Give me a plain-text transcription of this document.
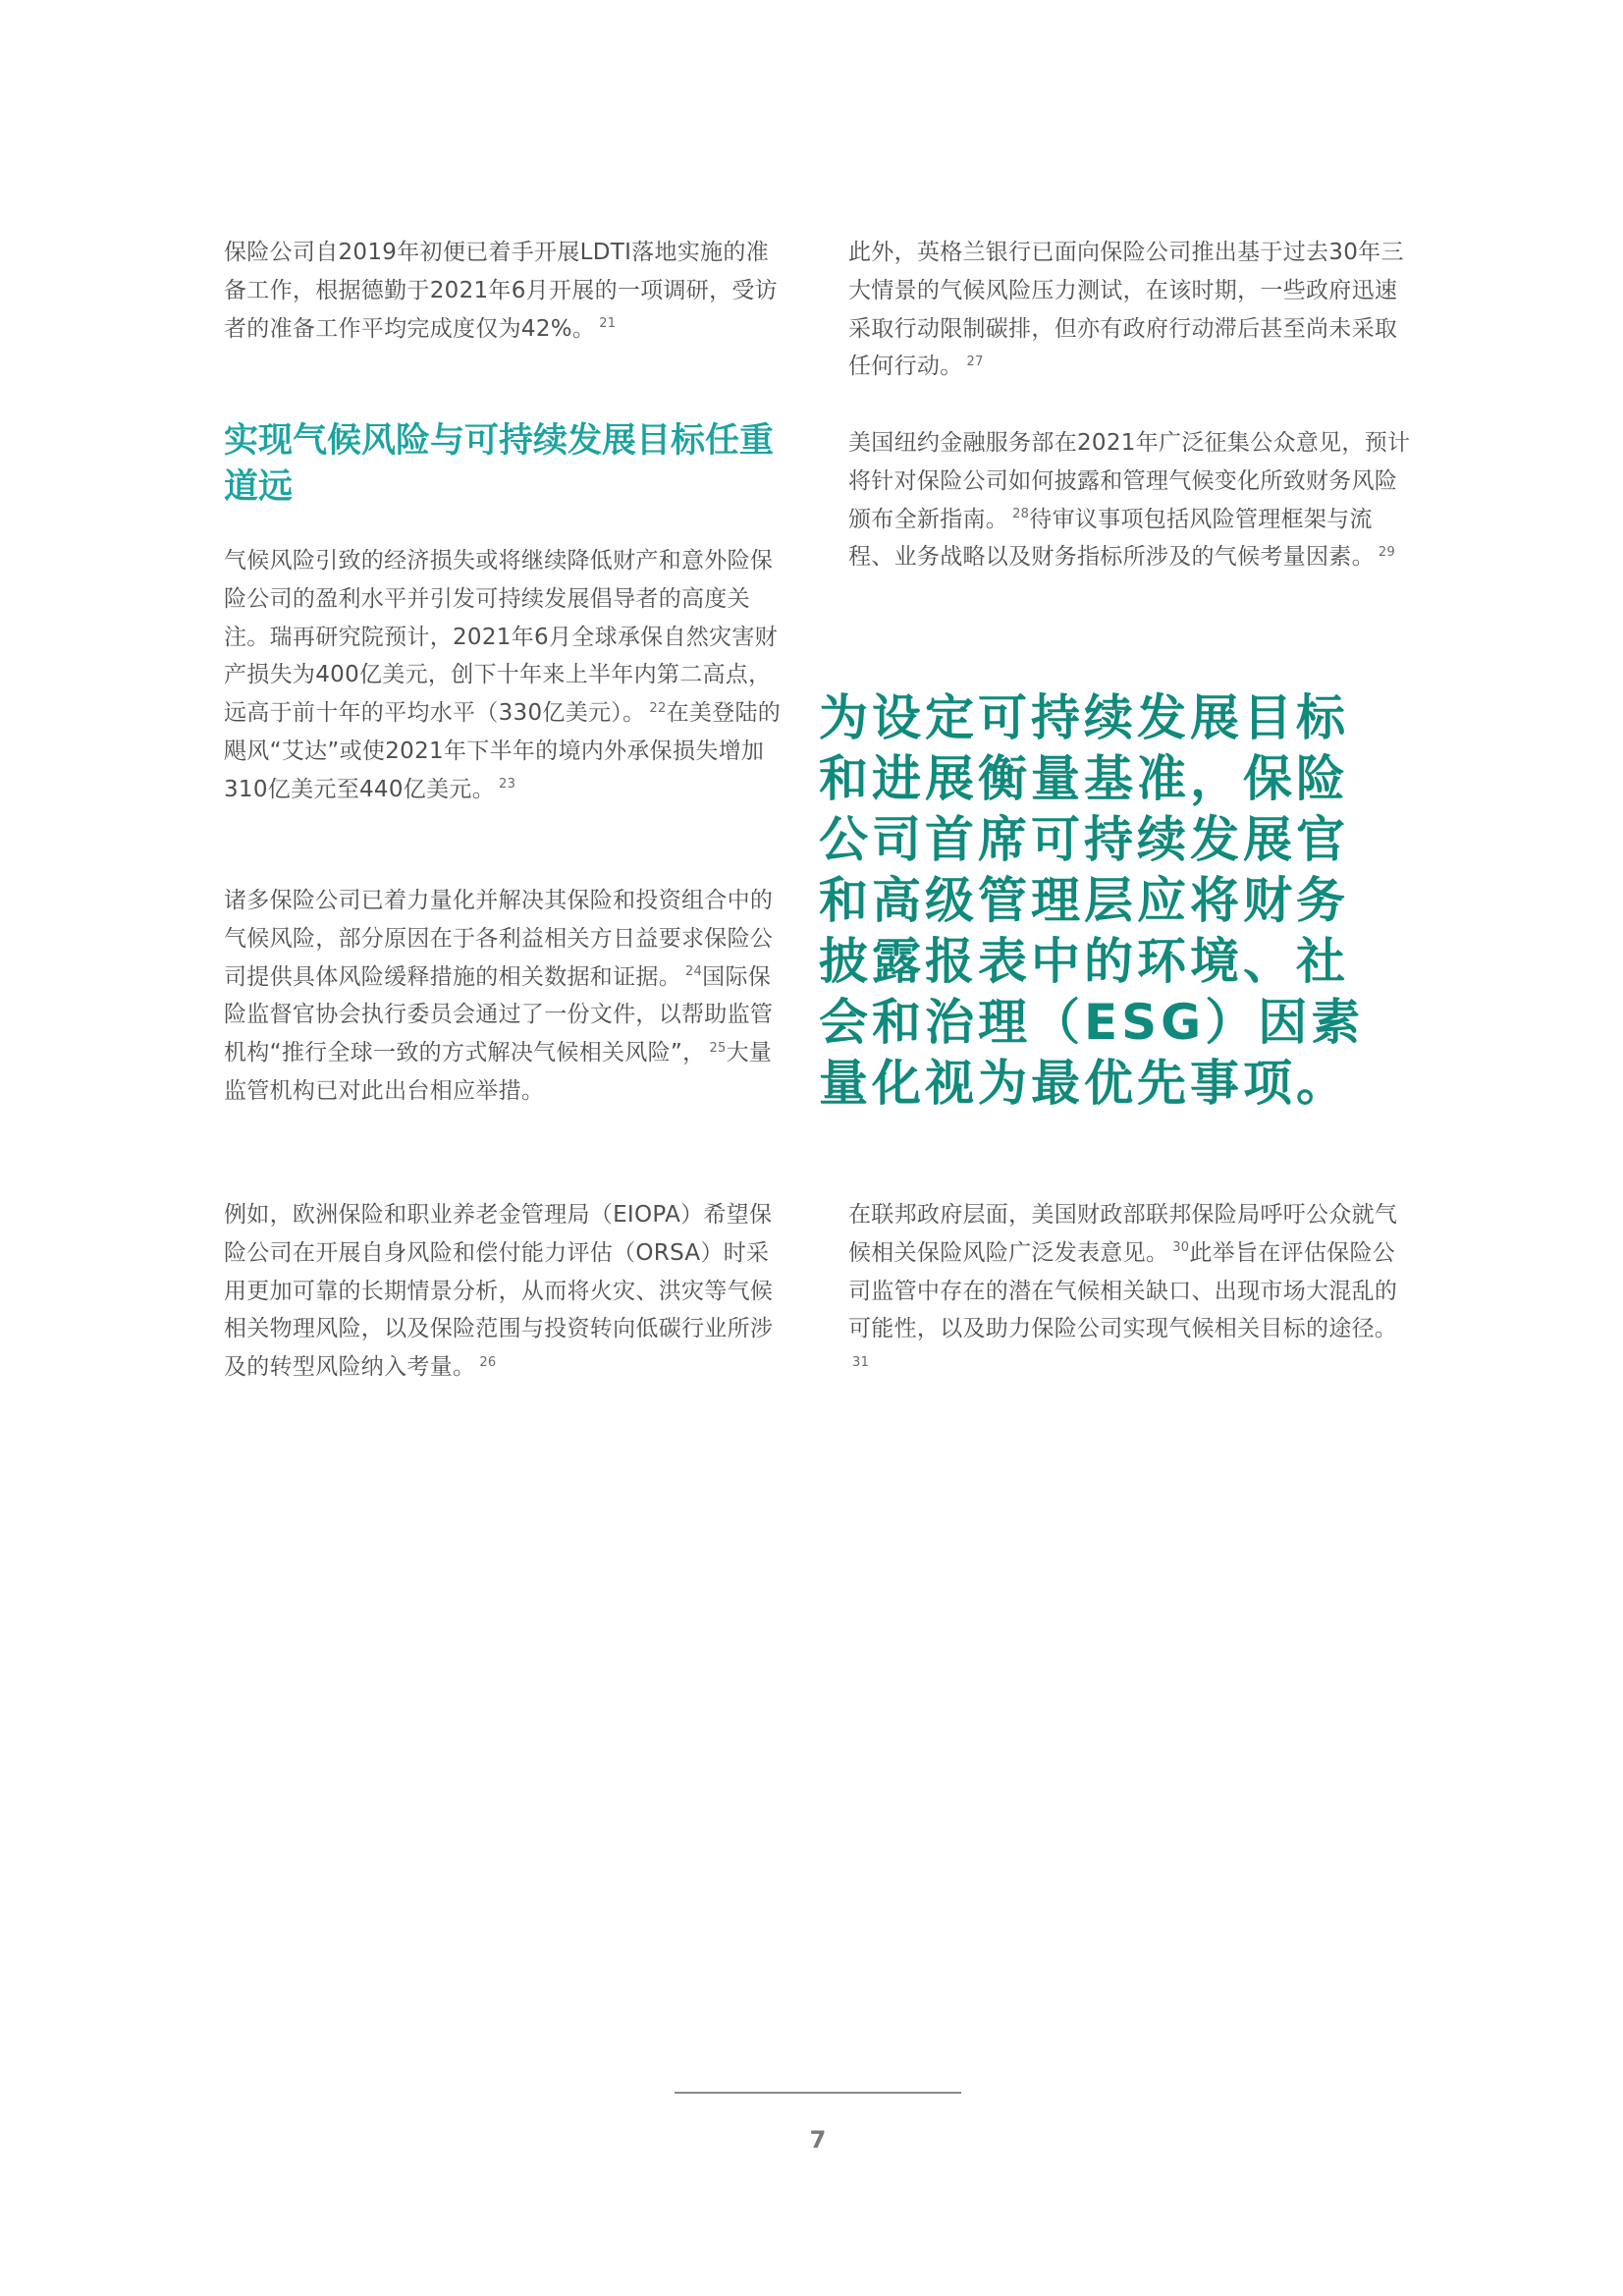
保险公司自2019年初便已着手开展LDTI落地实施的准备工作，根据德勤于2021年6月开展的一项调研，受访者的准备工作平均完成度仅为42%。 $^{21}$

实现气候风险与可持续发展目标任重道远

气候风险引致的经济损失或将继续降低财产和意外险保险公司的盈利水平并引发可持续发展倡导者的高度关注。瑞再研究院预计，2021年6月全球承保自然灾害财产损失为400亿美元，创下十年来上半年内第二高点，远高于前十年的平均水平（330亿美元）。 $^{22}$在美登陆的飓风“艾达”或使2021年下半年的境内外承保损失增加310亿美元至440亿美元。 $^{23}$

诸多保险公司已着力量化并解决其保险和投资组合中的气候风险，部分原因在于各利益相关方日益要求保险公司提供具体风险缓释措施的相关数据和证据。 $^{24}$国际保险监督官协会执行委员会通过了一份文件，以帮助监管机构“推行全球一致的方式解决气候相关风险”， $^{25}$大量监管机构已对此出台相应举措。

例如，欧洲保险和职业养老金管理局（EIOPA）希望保险公司在开展自身风险和偿付能力评估（ORSA）时采用更加可靠的长期情景分析，从而将火灾、洪灾等气候相关物理风险，以及保险范围与投资转向低碳行业所涉及的转型风险纳入考量。 $^{26}$

此外，英格兰银行已面向保险公司推出基于过去30年三大情景的气候风险压力测试，在该时期，一些政府迅速采取行动限制碳排，但亦有政府行动滞后甚至尚未采取任何行动。 $^{27}$

美国纽约金融服务部在2021年广泛征集公众意见，预计将针对保险公司如何披露和管理气候变化所致财务风险颁布全新指南。 $^{28}$待审议事项包括风险管理框架与流程、业务战略以及财务指标所涉及的气候考量因素。 $^{29}$

在联邦政府层面，美国财政部联邦保险局呼吁公众就气候相关保险风险广泛发表意见。 $^{30}$此举旨在评估保险公司监管中存在的潜在气候相关缺口、出现市场大混乱的可能性，以及助力保险公司实现气候相关目标的途径。$^{31}$

为设定可持续发展目标和进展衡量基准，保险公司首席可持续发展官和高级管理层应将财务披露报表中的环境、社会和治理（ESG）因素量化视为最优先事项。

7
